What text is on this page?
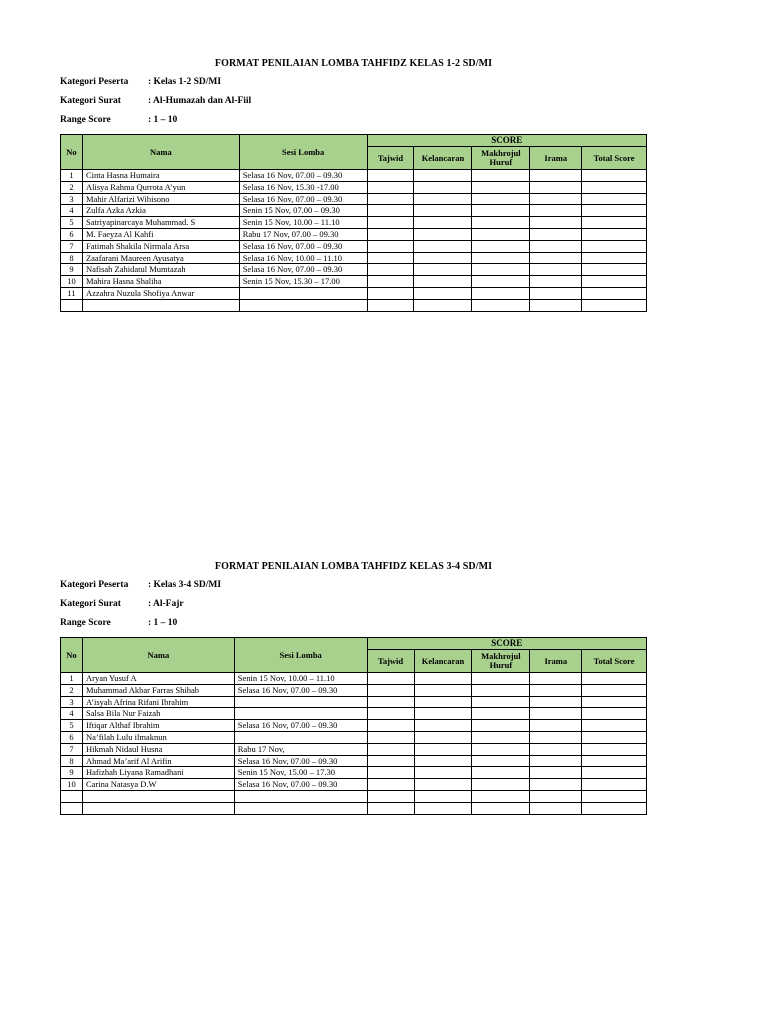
FORMAT PENILAIAN LOMBA TAHFIDZ KELAS 1-2 SD/MI
Kategori Peserta	: Kelas 1-2 SD/MI
Kategori Surat	: Al-Humazah dan Al-Fiil
Range Score	: 1 – 10
No	Nama	Sesi Lomba	SCORE				
			Tajwid	Kelancaran	Makhrojul Huruf	Irama	Total Score
1	Cinta Hasna Humaira	Selasa 16 Nov, 07.00 – 09.30					
2	Alisya Rahma Qurrota A’yun	Selasa 16 Nov, 15.30 -17.00					
3	Mahir Alfarizi Wibisono	Selasa 16 Nov, 07.00 – 09.30					
4	Zulfa Azka Azkia	Senin 15 Nov, 07.00 – 09.30					
5	Satriyapinarcaya Muhammad. S	Senin 15 Nov, 10.00 – 11.10					
6	M. Faeyza Al Kahfi	Rabu 17 Nov, 07.00 – 09.30					
7	Fatimah Shakila Nirmala Arsa	Selasa 16 Nov, 07.00 – 09.30					
8	Zaafarani Maureen Ayusatya	Selasa 16 Nov, 10.00 – 11.10					
9	Nafisah Zahidatul Mumtazah	Selasa 16 Nov, 07.00 – 09.30					
10	Mahira Hasna Shaliha	Senin 15 Nov, 15.30 – 17.00					
11	Azzahra Nuzula Shofiya Anwar						

FORMAT PENILAIAN LOMBA TAHFIDZ KELAS 3-4 SD/MI
Kategori Peserta	: Kelas 3-4 SD/MI
Kategori Surat	: Al-Fajr
Range Score	: 1 – 10
No	Nama	Sesi Lomba	SCORE				
			Tajwid	Kelancaran	Makhrojul Huruf	Irama	Total Score
1	Aryan Yusuf A	Senin 15 Nov, 10.00 – 11.10					
2	Muhammad Akbar Farras Shihab	Selasa 16 Nov, 07.00 – 09.30					
3	A’isyah Afrina Rifani Ibrahim						
4	Salsa Bila Nur Faizah						
5	Iftiqar Althaf Ibrahim	Selasa 16 Nov, 07.00 – 09.30					
6	Na’filah Lulu ilmaknun						
7	Hikmah Nidaul Husna	Rabu 17 Nov,					
8	Ahmad Ma’arif Al Arifin	Selasa 16 Nov, 07.00 – 09.30					
9	Hafizhah Liyana Ramadhani	Senin 15 Nov, 15.00 – 17.30					
10	Carina Natasya D.W	Selasa 16 Nov, 07.00 – 09.30					
